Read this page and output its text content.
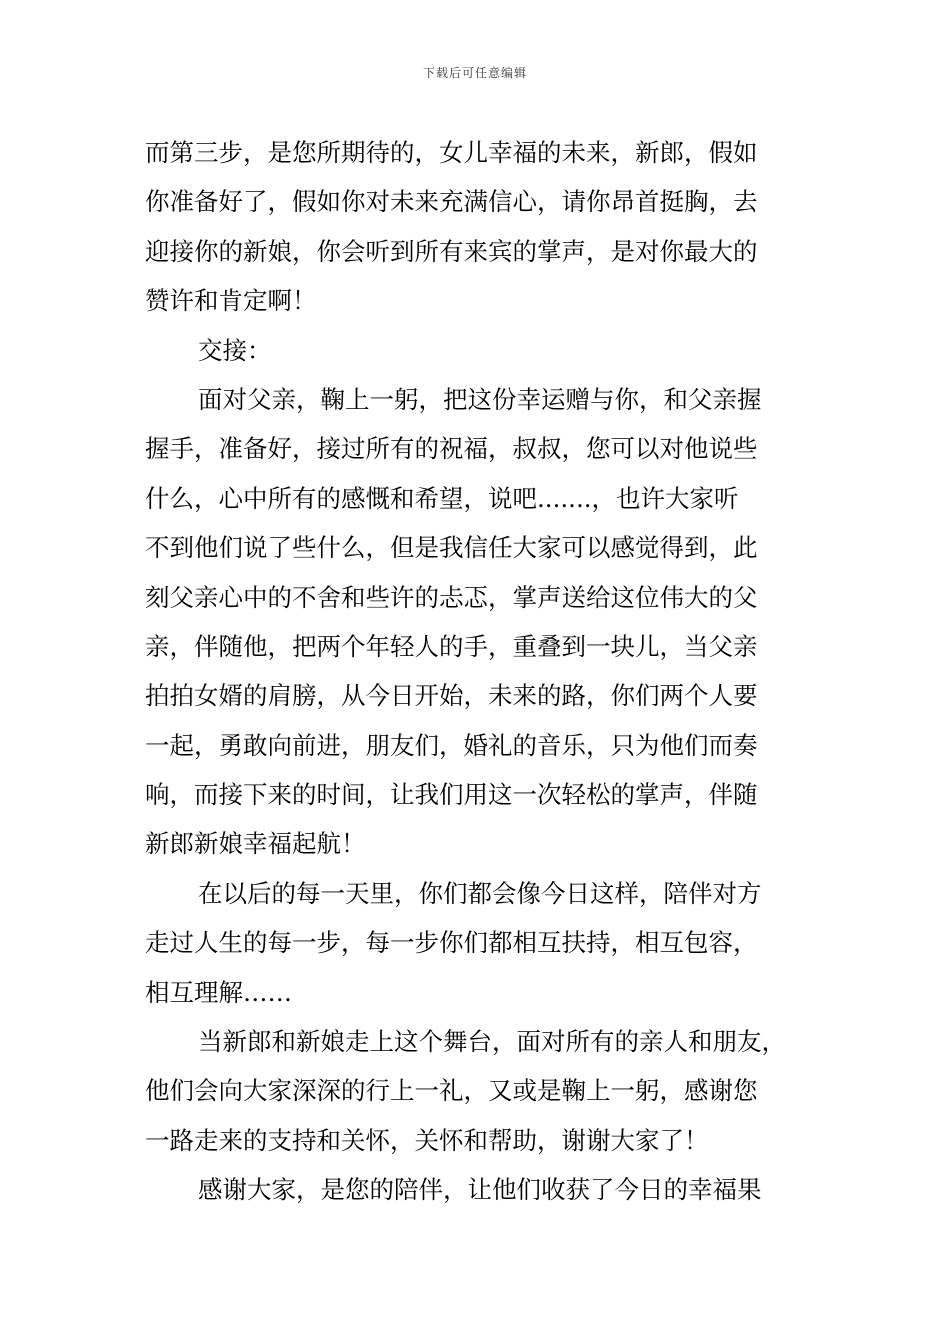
下载后可任意编辑
而第三步，是您所期待的，女儿幸福的未来，新郎，假如
你准备好了，假如你对未来充满信心，请你昂首挺胸，去
迎接你的新娘，你会听到所有来宾的掌声，是对你最大的
赞许和肯定啊！
交接：
面对父亲，鞠上一躬，把这份幸运赠与你，和父亲握
握手，准备好，接过所有的祝福，叔叔，您可以对他说些
什么，心中所有的感慨和希望，说吧.......，也许大家听
不到他们说了些什么，但是我信任大家可以感觉得到，此
刻父亲心中的不舍和些许的忐忑，掌声送给这位伟大的父
亲，伴随他，把两个年轻人的手，重叠到一块儿，当父亲
拍拍女婿的肩膀，从今日开始，未来的路，你们两个人要
一起，勇敢向前进，朋友们，婚礼的音乐，只为他们而奏
响，而接下来的时间，让我们用这一次轻松的掌声，伴随
新郎新娘幸福起航！
在以后的每一天里，你们都会像今日这样，陪伴对方
走过人生的每一步，每一步你们都相互扶持，相互包容，
相互理解……
当新郎和新娘走上这个舞台，面对所有的亲人和朋友，
他们会向大家深深的行上一礼，又或是鞠上一躬，感谢您
一路走来的支持和关怀，关怀和帮助，谢谢大家了！
感谢大家，是您的陪伴，让他们收获了今日的幸福果
